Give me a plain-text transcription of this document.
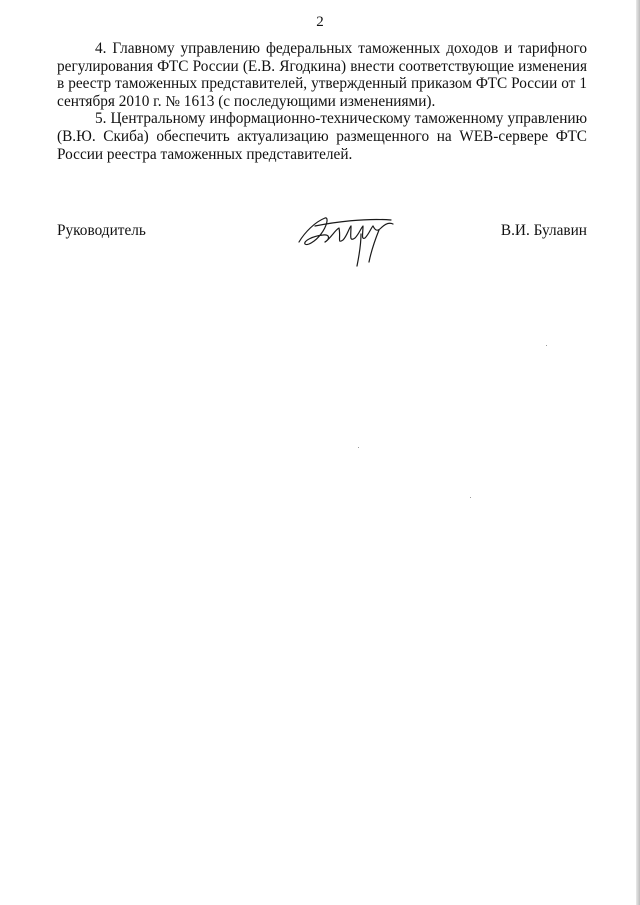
2

4. Главному управлению федеральных таможенных доходов и тарифного регулирования ФТС России (Е.В. Ягодкина) внести соответствующие изменения в реестр таможенных представителей, утвержденный приказом ФТС России от 1 сентября 2010 г. № 1613 (с последующими изменениями).

5. Центральному информационно-техническому таможенному управлению (В.Ю. Скиба) обеспечить актуализацию размещенного на WEB-сервере ФТС России реестра таможенных представителей.

Руководитель	В.И. Булавин
